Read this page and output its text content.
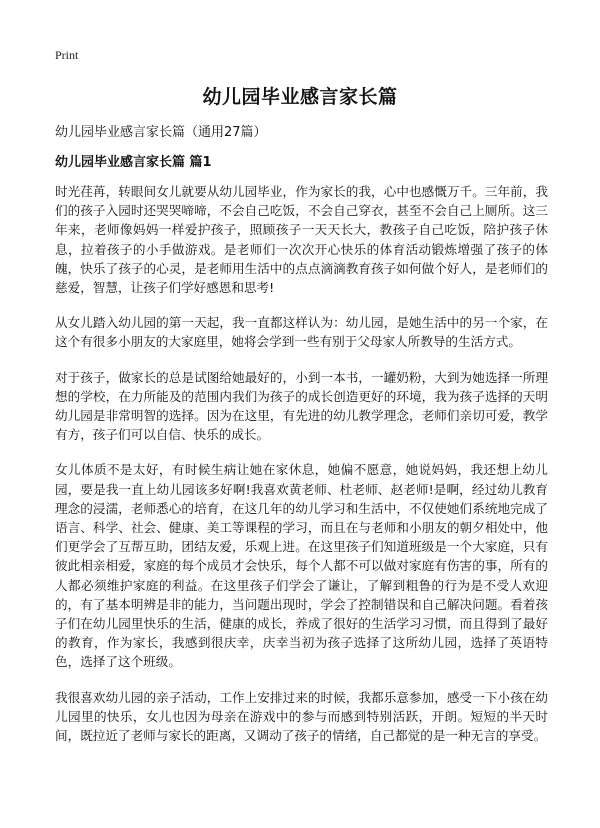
Print
幼儿园毕业感言家长篇

幼儿园毕业感言家长篇（通用27篇）

幼儿园毕业感言家长篇 篇1

时光荏苒，转眼间女儿就要从幼儿园毕业，作为家长的我，心中也感慨万千。三年前，我们的孩子入园时还哭哭啼啼，不会自己吃饭，不会自己穿衣，甚至不会自己上厕所。这三年来，老师像妈妈一样爱护孩子，照顾孩子一天天长大，教孩子自己吃饭，陪护孩子休息，拉着孩子的小手做游戏。是老师们一次次开心快乐的体育活动锻炼增强了孩子的体魄，快乐了孩子的心灵，是老师用生活中的点点滴滴教育孩子如何做个好人，是老师们的慈爱，智慧，让孩子们学好感恩和思考!

从女儿踏入幼儿园的第一天起，我一直都这样认为：幼儿园，是她生活中的另一个家，在这个有很多小朋友的大家庭里，她将会学到一些有别于父母家人所教导的生活方式。

对于孩子，做家长的总是试图给她最好的，小到一本书，一罐奶粉，大到为她选择一所理想的学校，在力所能及的范围内我们为孩子的成长创造更好的环境，我为孩子选择的天明幼儿园是非常明智的选择。因为在这里，有先进的幼儿教学理念，老师们亲切可爱，教学有方，孩子们可以自信、快乐的成长。

女儿体质不是太好，有时候生病让她在家休息，她偏不愿意，她说妈妈，我还想上幼儿园，要是我一直上幼儿园该多好啊!我喜欢黄老师、杜老师、赵老师!是啊，经过幼儿教育理念的浸濡，老师悉心的培育，在这几年的幼儿学习和生活中，不仅使她们系统地完成了语言、科学、社会、健康、美工等课程的学习，而且在与老师和小朋友的朝夕相处中，他们更学会了互帮互助，团结友爱，乐观上进。在这里孩子们知道班级是一个大家庭，只有彼此相亲相爱，家庭的每个成员才会快乐，每个人都不可以做对家庭有伤害的事，所有的人都必须维护家庭的利益。在这里孩子们学会了谦让，了解到粗鲁的行为是不受人欢迎的，有了基本明辨是非的能力，当问题出现时，学会了控制错误和自己解决问题。看着孩子们在幼儿园里快乐的生活，健康的成长，养成了很好的生活学习习惯，而且得到了最好的教育，作为家长，我感到很庆幸，庆幸当初为孩子选择了这所幼儿园，选择了英语特色，选择了这个班级。

我很喜欢幼儿园的亲子活动，工作上安排过来的时候，我都乐意参加，感受一下小孩在幼儿园里的快乐，女儿也因为母亲在游戏中的参与而感到特别活跃，开朗。短短的半天时间，既拉近了老师与家长的距离，又调动了孩子的情绪，自己都觉的是一种无言的享受。
